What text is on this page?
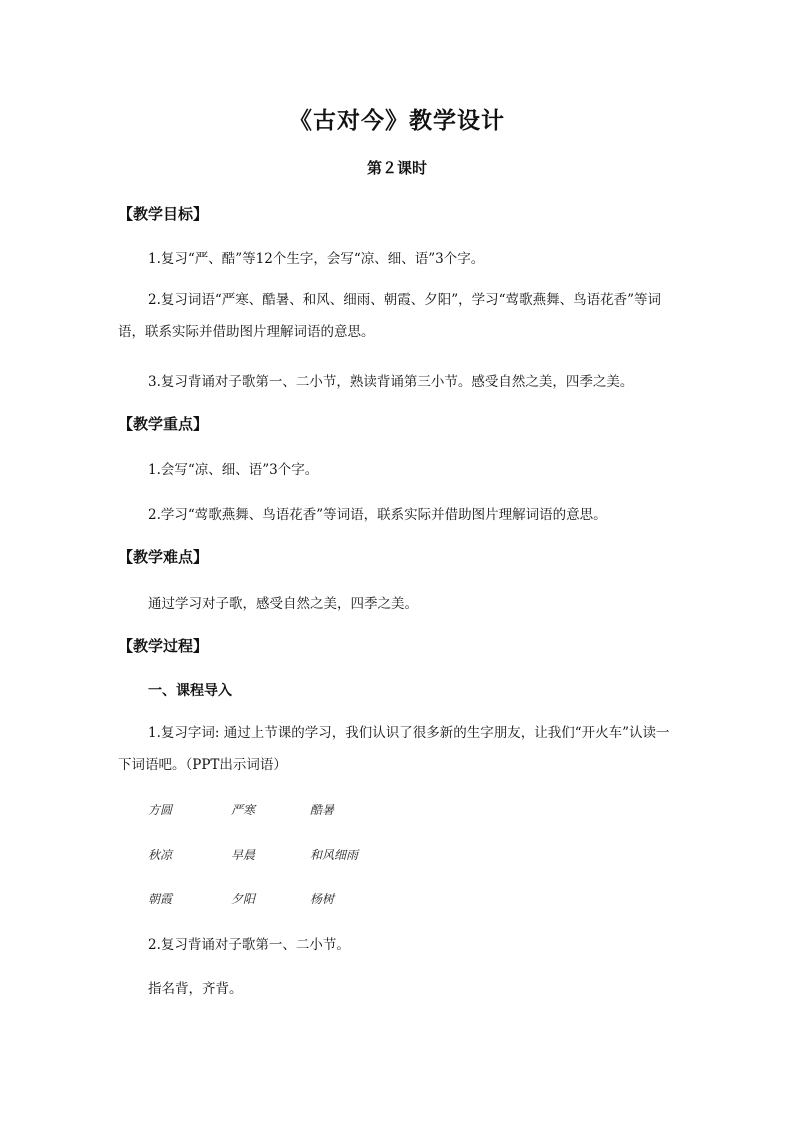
《古对今》教学设计
第２课时
【教学目标】
1.复习“严、酷”等12个生字，会写“凉、细、语”3个字。
2.复习词语“严寒、酷暑、和风、细雨、朝霞、夕阳”，学习“莺歌燕舞、鸟语花香”等词语，联系实际并借助图片理解词语的意思。
3.复习背诵对子歌第一、二小节，熟读背诵第三小节。感受自然之美，四季之美。
【教学重点】
1.会写“凉、细、语”3个字。
2.学习“莺歌燕舞、鸟语花香”等词语，联系实际并借助图片理解词语的意思。
【教学难点】
通过学习对子歌，感受自然之美，四季之美。
【教学过程】
一、课程导入
1.复习字词: 通过上节课的学习，我们认识了很多新的生字朋友，让我们“开火车”认读一下词语吧。（PPT出示词语）
方圆	严寒	酷暑
秋凉	早晨	和风细雨
朝霞	夕阳	杨树
2.复习背诵对子歌第一、二小节。
指名背，齐背。
